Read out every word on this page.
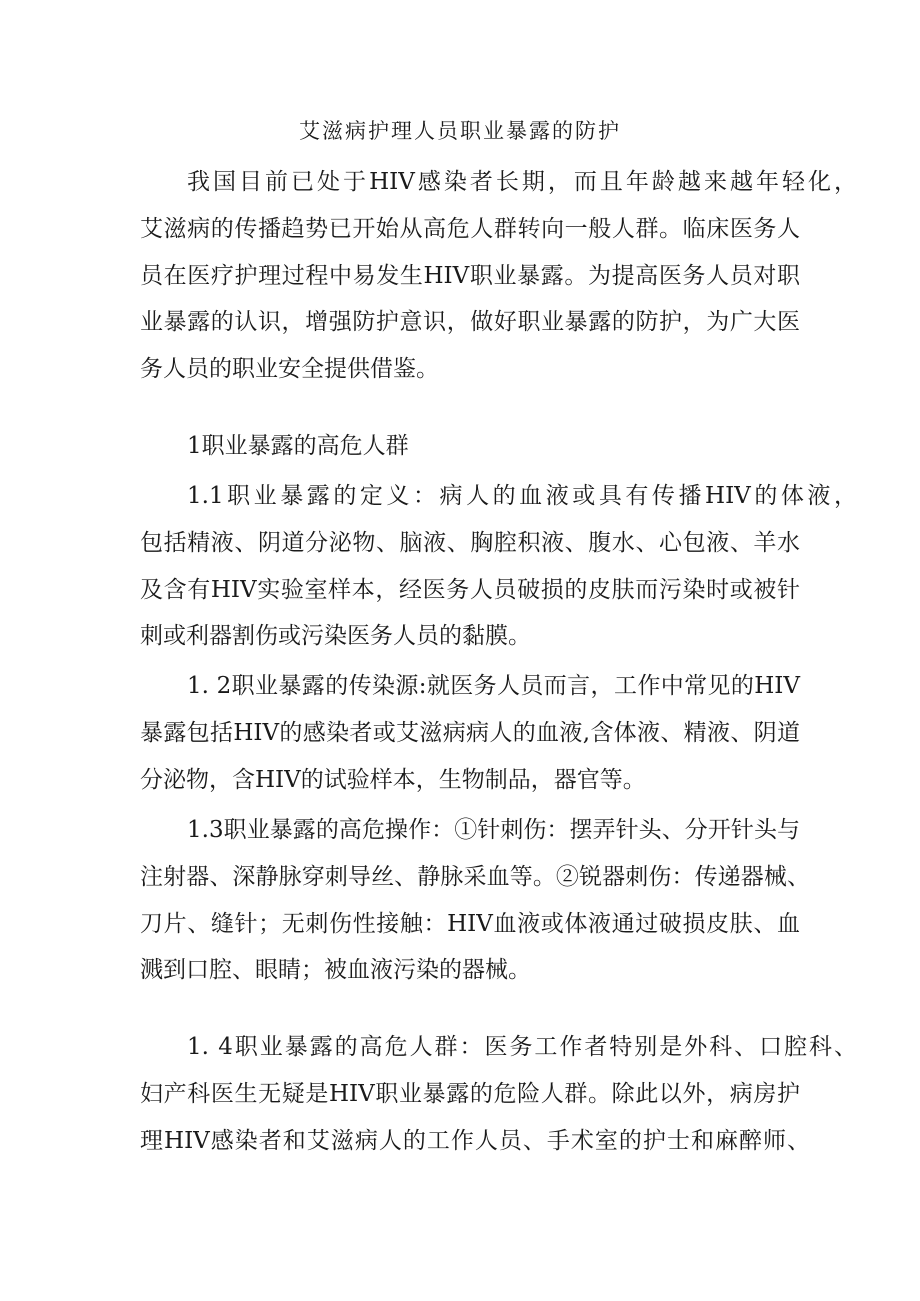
艾滋病护理人员职业暴露的防护
我国目前已处于HIV感染者长期，而且年龄越来越年轻化，
艾滋病的传播趋势已开始从高危人群转向一般人群。临床医务人
员在医疗护理过程中易发生HIV职业暴露。为提高医务人员对职
业暴露的认识，增强防护意识，做好职业暴露的防护，为广大医
务人员的职业安全提供借鉴。
1职业暴露的高危人群
1.1职业暴露的定义：病人的血液或具有传播HIV的体液，
包括精液、阴道分泌物、脑液、胸腔积液、腹水、心包液、羊水
及含有HIV实验室样本，经医务人员破损的皮肤而污染时或被针
刺或利器割伤或污染医务人员的黏膜。
1. 2职业暴露的传染源:就医务人员而言，工作中常见的HIV
暴露包括HIV的感染者或艾滋病病人的血液,含体液、精液、阴道
分泌物，含HIV的试验样本，生物制品，器官等。
1.3职业暴露的高危操作：①针刺伤：摆弄针头、分开针头与
注射器、深静脉穿刺导丝、静脉采血等。②锐器刺伤：传递器械、
刀片、缝针；无刺伤性接触：HIV血液或体液通过破损皮肤、血
溅到口腔、眼睛；被血液污染的器械。
1. 4职业暴露的高危人群：医务工作者特别是外科、口腔科、
妇产科医生无疑是HIV职业暴露的危险人群。除此以外，病房护
理HIV感染者和艾滋病人的工作人员、手术室的护士和麻醉师、
